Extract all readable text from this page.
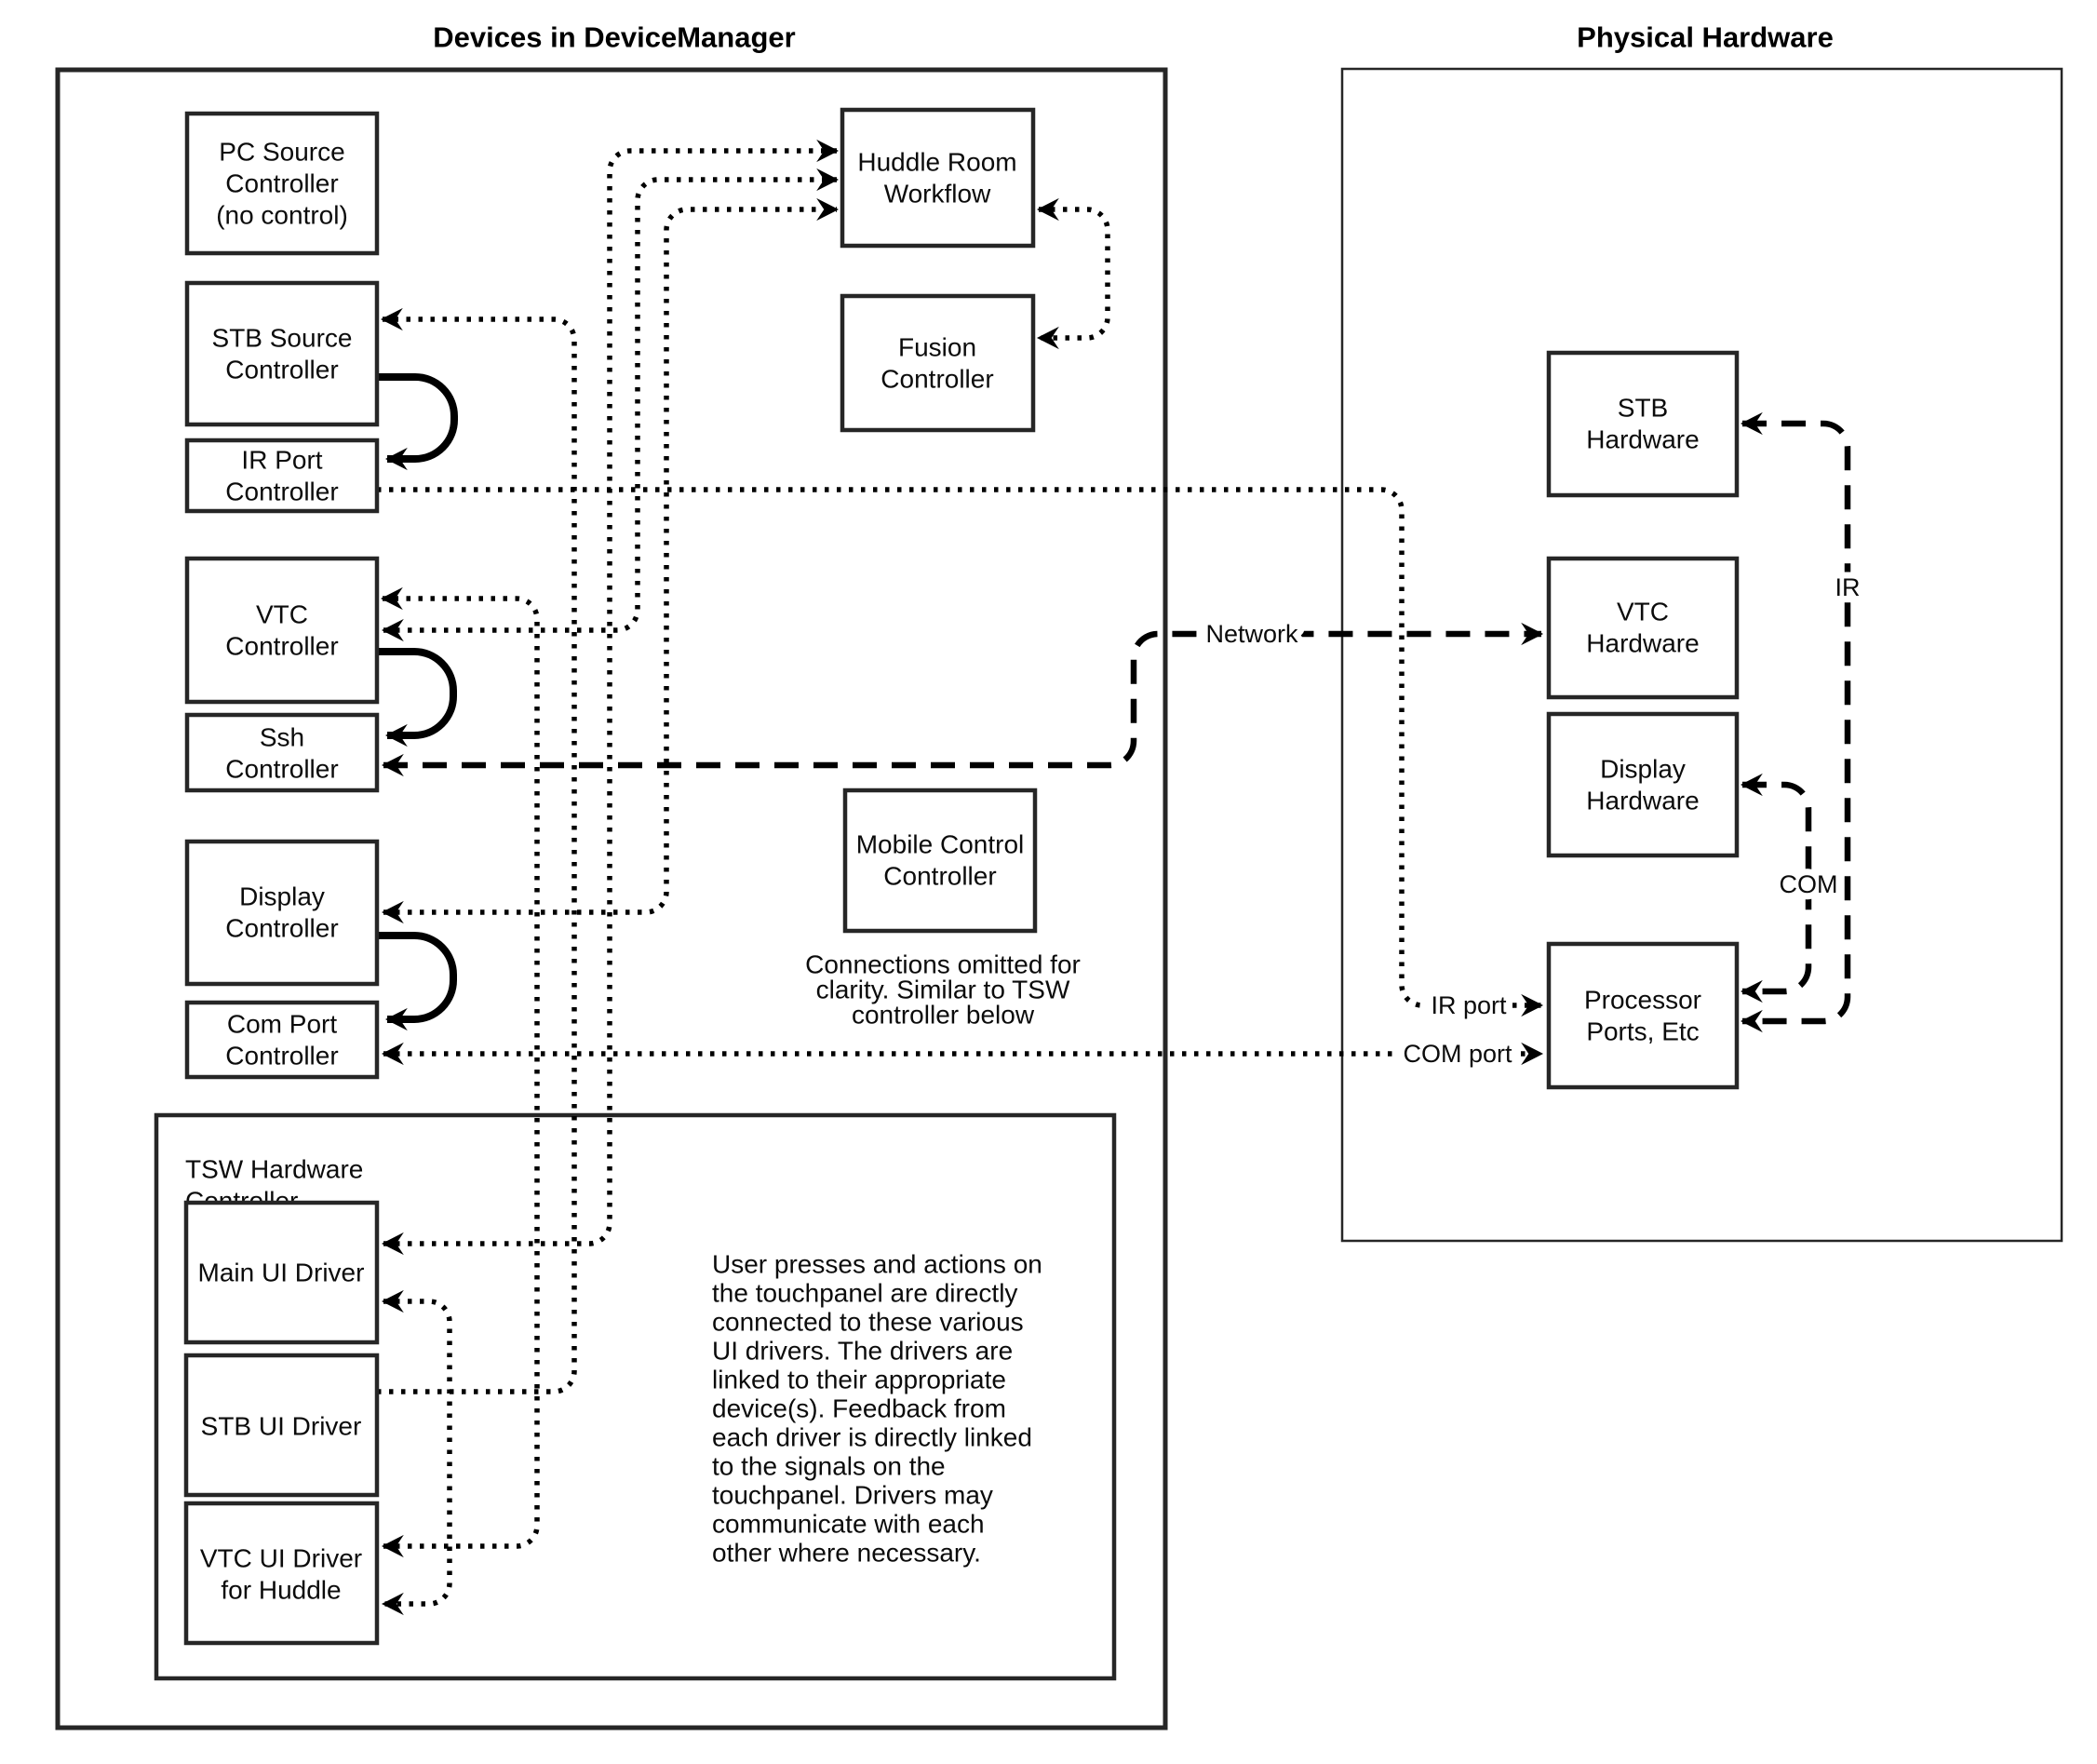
Devices in DeviceManager	Physical Hardware
TSW Hardware
Network
IR
COM
IR port
COM port
PC Source
Controller
(no control)
STB Source
Controller
IR Port
Controller
VTC
Controller
Ssh
Controller
Display
Controller
Com Port
Controller
Huddle Room
Workflow
Fusion
Controller
Mobile Control
Controller
Connections omitted for
clarity. Similar to TSW
controller below
Main UI Driver
STB UI Driver
VTC UI Driver
for Huddle
User presses and actions on
the touchpanel are directly
connected to these various
UI drivers. The drivers are
linked to their appropriate
device(s). Feedback from
each driver is directly linked
to the signals on the
touchpanel. Drivers may
communicate with each
other where necessary.
STB
Hardware
VTC
Hardware
Display
Hardware
Processor
Ports, Etc
